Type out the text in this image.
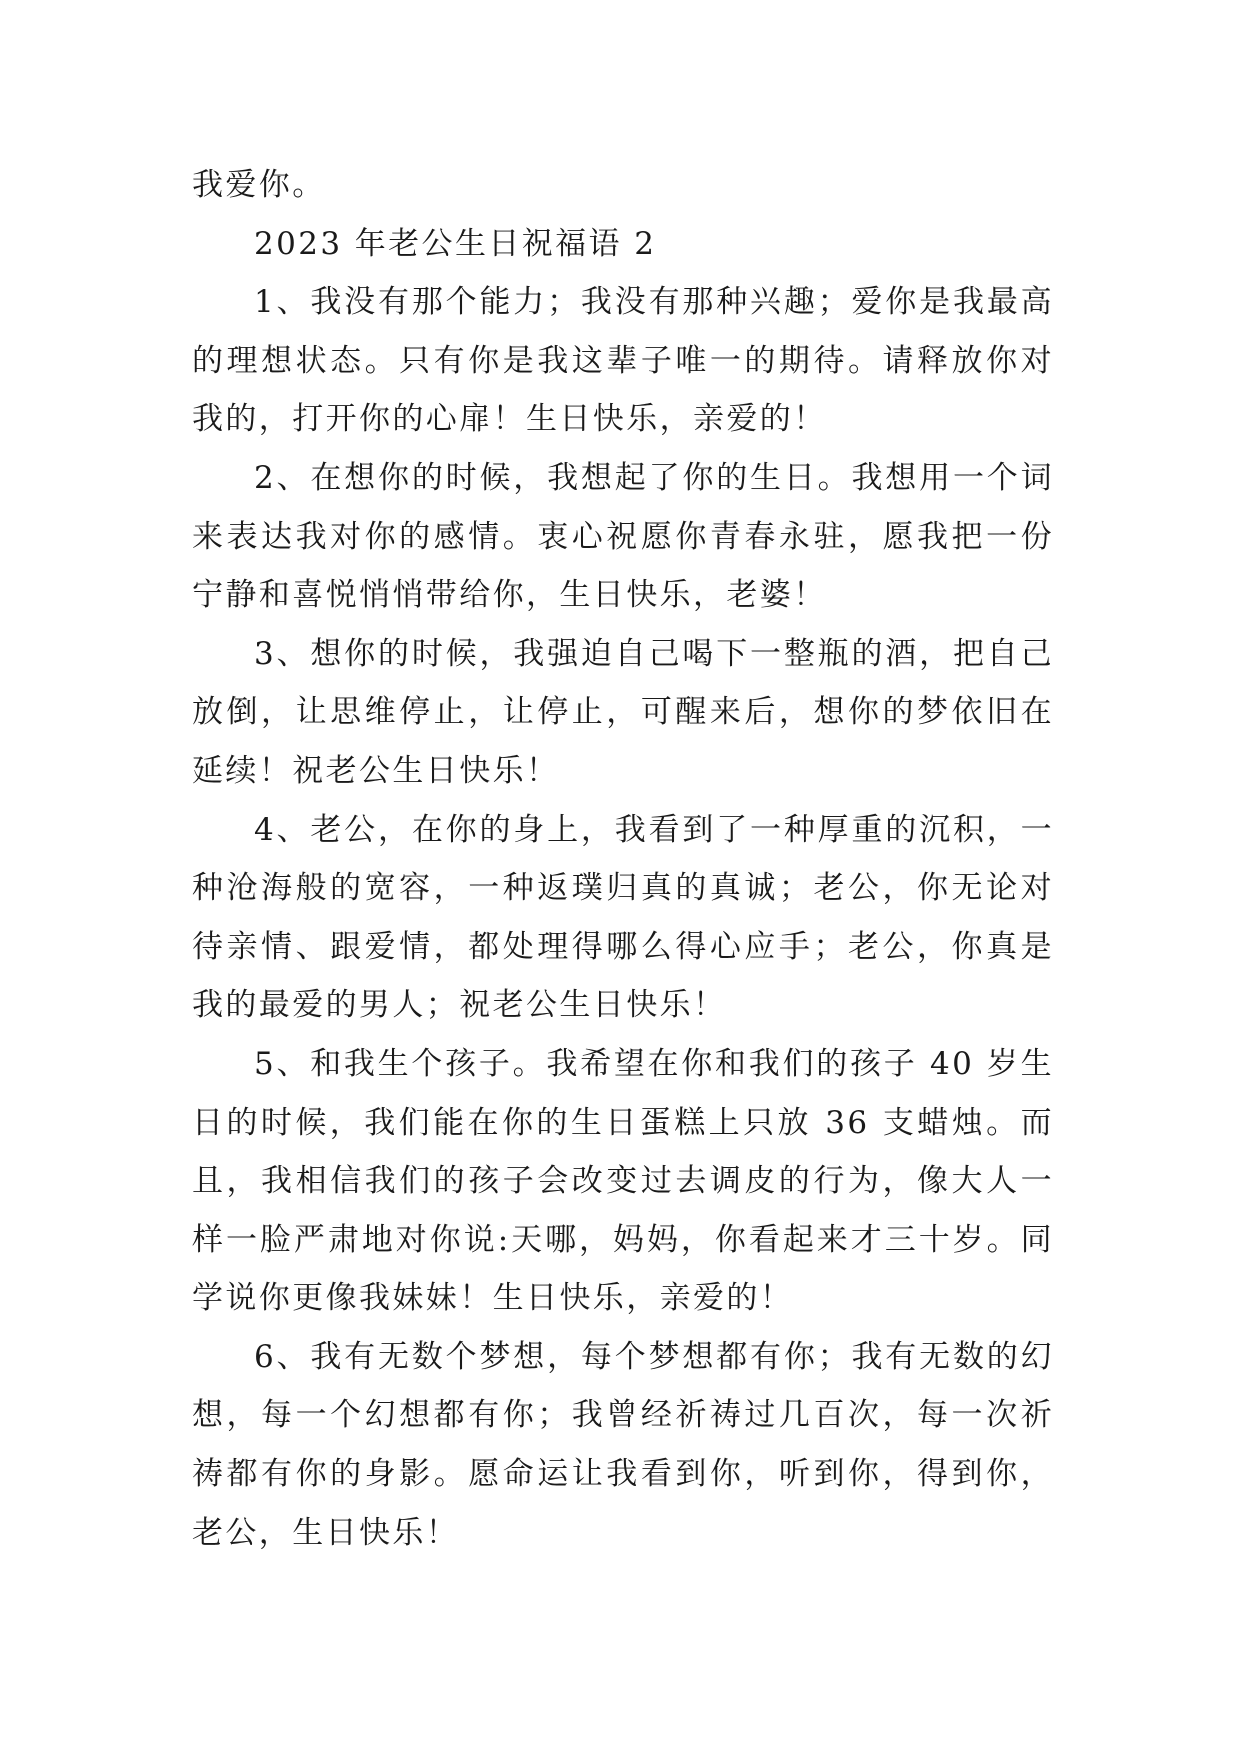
我爱你。

2023 年老公生日祝福语 2

1、我没有那个能力；我没有那种兴趣；爱你是我最高的理想状态。只有你是我这辈子唯一的期待。请释放你对我的，打开你的心扉！生日快乐，亲爱的！

2、在想你的时候，我想起了你的生日。我想用一个词来表达我对你的感情。衷心祝愿你青春永驻，愿我把一份宁静和喜悦悄悄带给你，生日快乐，老婆！

3、想你的时候，我强迫自己喝下一整瓶的酒，把自己放倒，让思维停止，让停止，可醒来后，想你的梦依旧在延续！祝老公生日快乐！

4、老公，在你的身上，我看到了一种厚重的沉积，一种沧海般的宽容，一种返璞归真的真诚；老公，你无论对待亲情、跟爱情，都处理得哪么得心应手；老公，你真是我的最爱的男人；祝老公生日快乐！

5、和我生个孩子。我希望在你和我们的孩子 40 岁生日的时候，我们能在你的生日蛋糕上只放 36 支蜡烛。而且，我相信我们的孩子会改变过去调皮的行为，像大人一样一脸严肃地对你说:天哪，妈妈，你看起来才三十岁。同学说你更像我妹妹！生日快乐，亲爱的！

6、我有无数个梦想，每个梦想都有你；我有无数的幻想，每一个幻想都有你；我曾经祈祷过几百次，每一次祈祷都有你的身影。愿命运让我看到你，听到你，得到你，老公，生日快乐！
